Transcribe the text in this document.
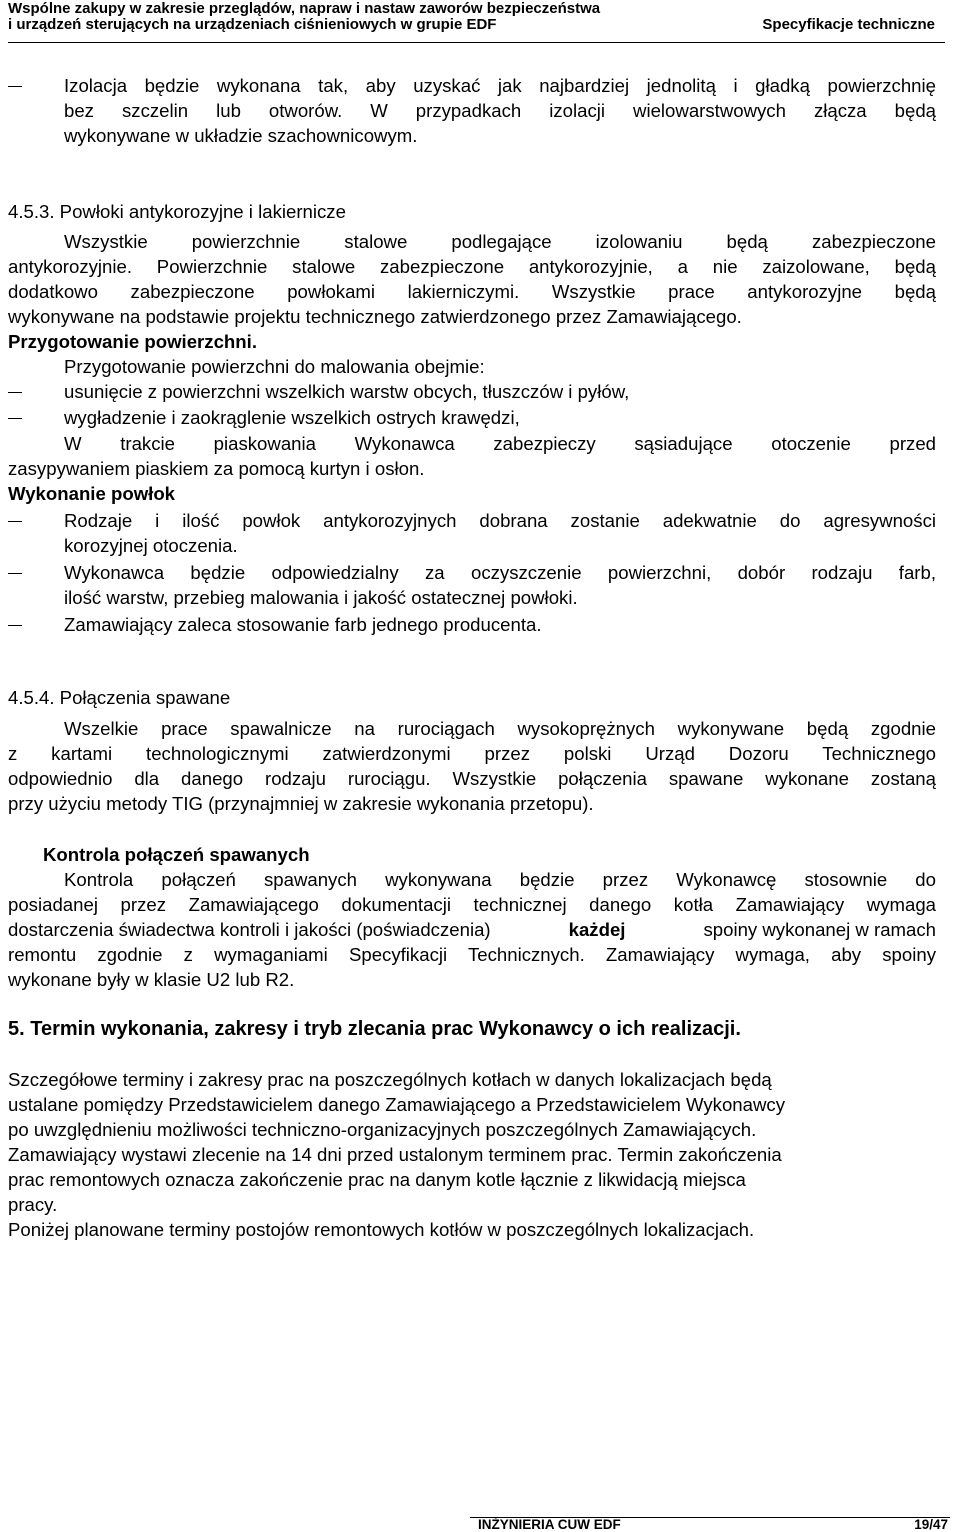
Wspólne zakupy w zakresie przeglądów, napraw i nastaw zaworów bezpieczeństwa
i urządzeń sterujących na urządzeniach ciśnieniowych w grupie EDF	Specyfikacje techniczne
Izolacja będzie wykonana tak, aby uzyskać jak najbardziej jednolitą i gładką powierzchnię
bez szczelin lub otworów. W przypadkach izolacji wielowarstwowych złącza będą
wykonywane w układzie szachownicowym.
4.5.3. Powłoki antykorozyjne i lakiernicze
Wszystkie powierzchnie stalowe podlegające izolowaniu będą zabezpieczone
antykorozyjnie. Powierzchnie stalowe zabezpieczone antykorozyjnie, a nie zaizolowane, będą
dodatkowo zabezpieczone powłokami lakierniczymi. Wszystkie prace antykorozyjne będą
wykonywane na podstawie projektu technicznego zatwierdzonego przez Zamawiającego.
Przygotowanie powierzchni.
Przygotowanie powierzchni do malowania obejmie:
usunięcie z powierzchni wszelkich warstw obcych, tłuszczów i pyłów,
wygładzenie i zaokrąglenie wszelkich ostrych krawędzi,
W trakcie piaskowania Wykonawca zabezpieczy sąsiadujące otoczenie przed
zasypywaniem piaskiem za pomocą kurtyn i osłon.
Wykonanie powłok
Rodzaje i ilość powłok antykorozyjnych dobrana zostanie adekwatnie do agresywności
korozyjnej otoczenia.
Wykonawca będzie odpowiedzialny za oczyszczenie powierzchni, dobór rodzaju farb,
ilość warstw, przebieg malowania i jakość ostatecznej powłoki.
Zamawiający zaleca stosowanie farb jednego producenta.
4.5.4. Połączenia spawane
Wszelkie prace spawalnicze na rurociągach wysokoprężnych wykonywane będą zgodnie
z kartami technologicznymi zatwierdzonymi przez polski Urząd Dozoru Technicznego
odpowiednio dla danego rodzaju rurociągu. Wszystkie połączenia spawane wykonane zostaną
przy użyciu metody TIG (przynajmniej w zakresie wykonania przetopu).
Kontrola połączeń spawanych
Kontrola połączeń spawanych wykonywana będzie przez Wykonawcę stosownie do
posiadanej przez Zamawiającego dokumentacji technicznej danego kotła Zamawiający wymaga
dostarczenia świadectwa kontroli i jakości (poświadczenia)	każdej	spoiny wykonanej w ramach
remontu zgodnie z wymaganiami Specyfikacji Technicznych. Zamawiający wymaga, aby spoiny
wykonane były w klasie U2 lub R2.
5. Termin wykonania, zakresy i tryb zlecania prac Wykonawcy o ich realizacji.
Szczegółowe terminy i zakresy prac na poszczególnych kotłach w danych lokalizacjach będą
ustalane pomiędzy Przedstawicielem danego Zamawiającego a Przedstawicielem Wykonawcy
po uwzględnieniu możliwości techniczno-organizacyjnych poszczególnych Zamawiających.
Zamawiający wystawi zlecenie na 14 dni przed ustalonym terminem prac. Termin zakończenia
prac remontowych oznacza zakończenie prac na danym kotle łącznie z likwidacją miejsca
pracy.
Poniżej planowane terminy postojów remontowych kotłów w poszczególnych lokalizacjach.
INŻYNIERIA CUW EDF	19/47
